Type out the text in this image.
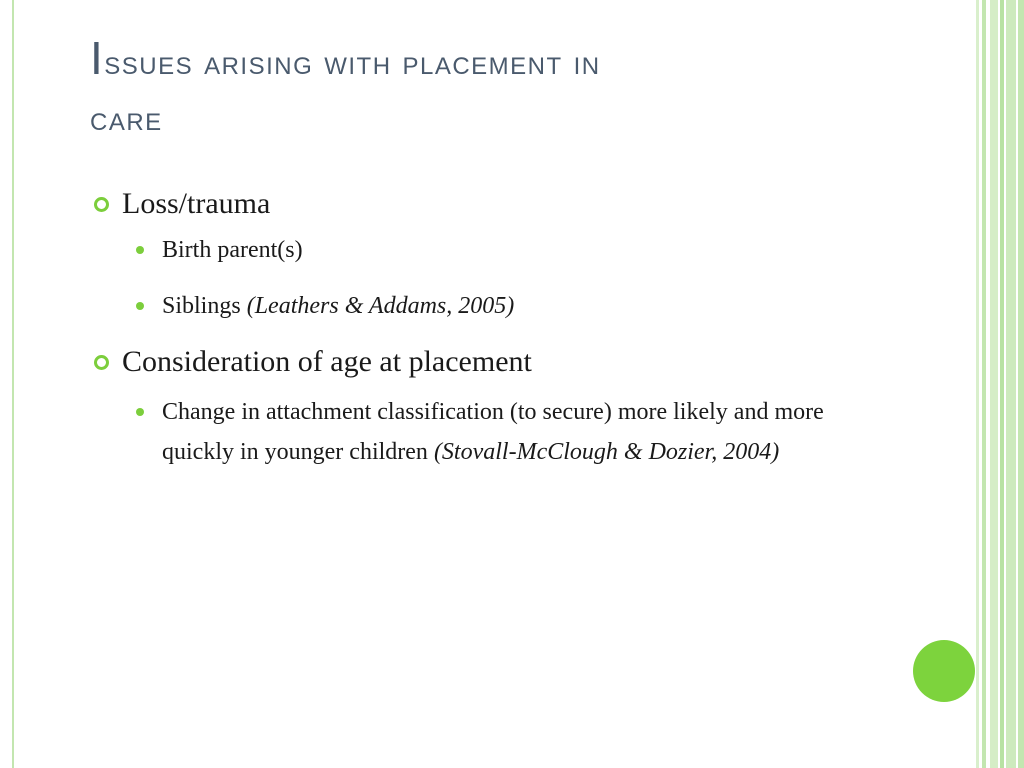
Issues arising with placement in
care

Loss/trauma

Birth parent(s)

Siblings (Leathers & Addams, 2005)

Consideration of age at placement

Change in attachment classification (to secure) more likely and more quickly in younger children (Stovall-McClough & Dozier, 2004)
